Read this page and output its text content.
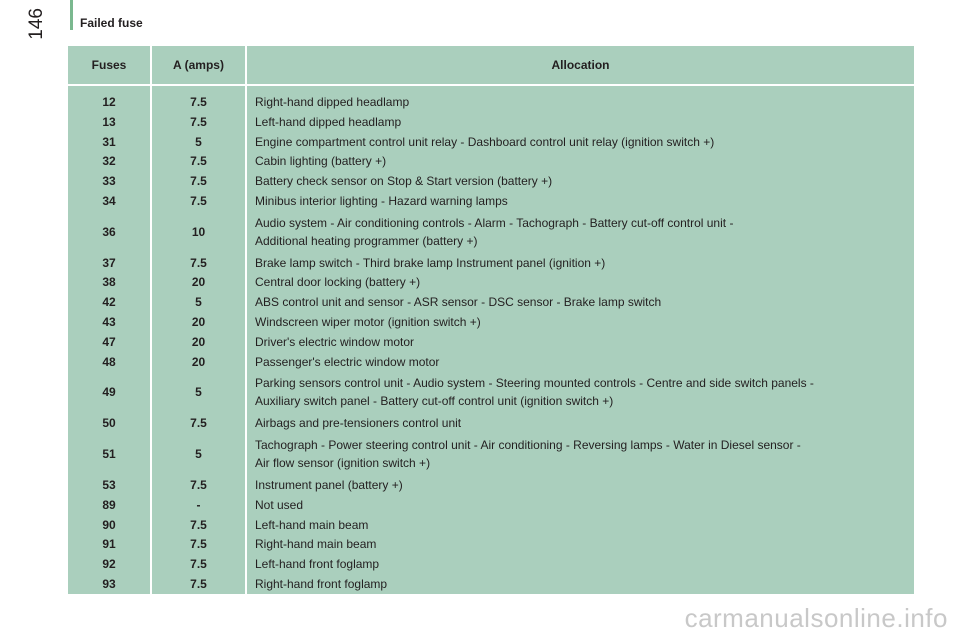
Failed fuse
146
Fuses	A (amps)	Allocation

12	7.5	Right-hand dipped headlamp

13	7.5	Left-hand dipped headlamp

31	5	Engine compartment control unit relay - Dashboard control unit relay (ignition switch +)

32	7.5	Cabin lighting (battery +)

33	7.5	Battery check sensor on Stop & Start version (battery +)

34	7.5	Minibus interior lighting - Hazard warning lamps

36	10	Audio system - Air conditioning controls - Alarm - Tachograph - Battery cut-off control unit -
Additional heating programmer (battery +)

37	7.5	Brake lamp switch - Third brake lamp Instrument panel (ignition +)

38	20	Central door locking (battery +)

42	5	ABS control unit and sensor - ASR sensor - DSC sensor - Brake lamp switch

43	20	Windscreen wiper motor (ignition switch +)

47	20	Driver's electric window motor

48	20	Passenger's electric window motor

49	5	Parking sensors control unit - Audio system - Steering mounted controls - Centre and side switch panels -
Auxiliary switch panel - Battery cut-off control unit (ignition switch +)

50	7.5	Airbags and pre-tensioners control unit

51	5	Tachograph - Power steering control unit - Air conditioning - Reversing lamps - Water in Diesel sensor -
Air flow sensor (ignition switch +)

53	7.5	Instrument panel (battery +)

89	-	Not used

90	7.5	Left-hand main beam

91	7.5	Right-hand main beam

92	7.5	Left-hand front foglamp

93	7.5	Right-hand front foglamp

carmanualsonline.info
